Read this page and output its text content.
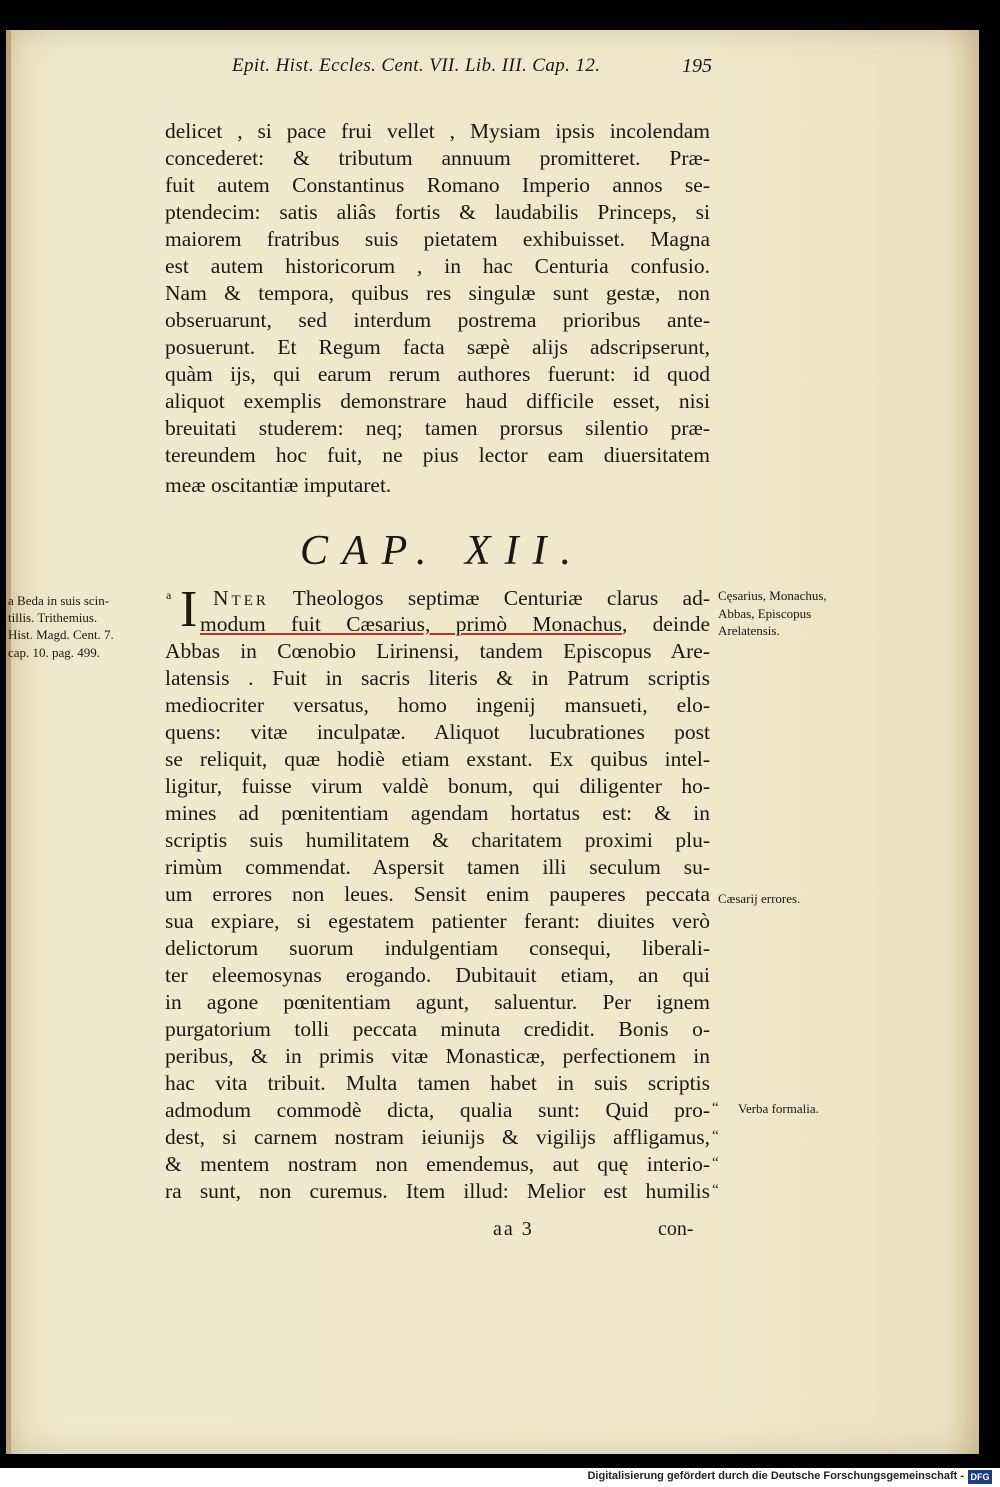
Epit. Hist. Eccles. Cent. VII. Lib. III. Cap. 12.	195
delicet , si pace frui vellet , Mysiam ipsis incolendam
concederet: & tributum annuum promitteret. Præ-
fuit autem Constantinus Romano Imperio annos se-
ptendecim: satis aliâs fortis & laudabilis Princeps, si
maiorem fratribus suis pietatem exhibuisset. Magna
est autem historicorum , in hac Centuria confusio.
Nam & tempora, quibus res singulæ sunt gestæ, non
obseruarunt, sed interdum postrema prioribus ante-
posuerunt. Et Regum facta sæpè alijs adscripserunt,
quàm ijs, qui earum rerum authores fuerunt: id quod
aliquot exemplis demonstrare haud difficile esset, nisi
breuitati studerem: neq; tamen prorsus silentio præ-
tereundem hoc fuit, ne pius lector eam diuersitatem
meæ oscitantiæ imputaret.
CAP. XII.
a I Nter Theologos septimæ Centuriæ clarus ad-
modum fuit Cæsarius, primò Monachus, deinde
Abbas in Cœnobio Lirinensi, tandem Episcopus Are-
latensis . Fuit in sacris literis & in Patrum scriptis
mediocriter versatus, homo ingenij mansueti, elo-
quens: vitæ inculpatæ. Aliquot lucubrationes post
se reliquit, quæ hodiè etiam exstant. Ex quibus intel-
ligitur, fuisse virum valdè bonum, qui diligenter ho-
mines ad pœnitentiam agendam hortatus est: & in
scriptis suis humilitatem & charitatem proximi plu-
rimùm commendat. Aspersit tamen illi seculum su-
um errores non leues. Sensit enim pauperes peccata
sua expiare, si egestatem patienter ferant: diuites verò
delictorum suorum indulgentiam consequi, liberali-
ter eleemosynas erogando. Dubitauit etiam, an qui
in agone pœnitentiam agunt, saluentur. Per ignem
purgatorium tolli peccata minuta credidit. Bonis o-
peribus, & in primis vitæ Monasticæ, perfectionem in
hac vita tribuit. Multa tamen habet in suis scriptis
admodum commodè dicta, qualia sunt: Quid pro-
dest, si carnem nostram ieiunijs & vigilijs affligamus,
& mentem nostram non emendemus, aut quę interio-
ra sunt, non curemus. Item illud: Melior est humilis
a Beda in suis scin-
tillis. Trithemius.
Hist. Magd. Cent. 7.
cap. 10. pag. 499.
Cęsarius, Monachus,
Abbas, Episcopus
Arelatensis.
Cæsarij errores.
Verba formalia.
“
“
“
“
aa 3	con-
Digitalisierung gefördert durch die Deutsche Forschungsgemeinschaft - DFG
